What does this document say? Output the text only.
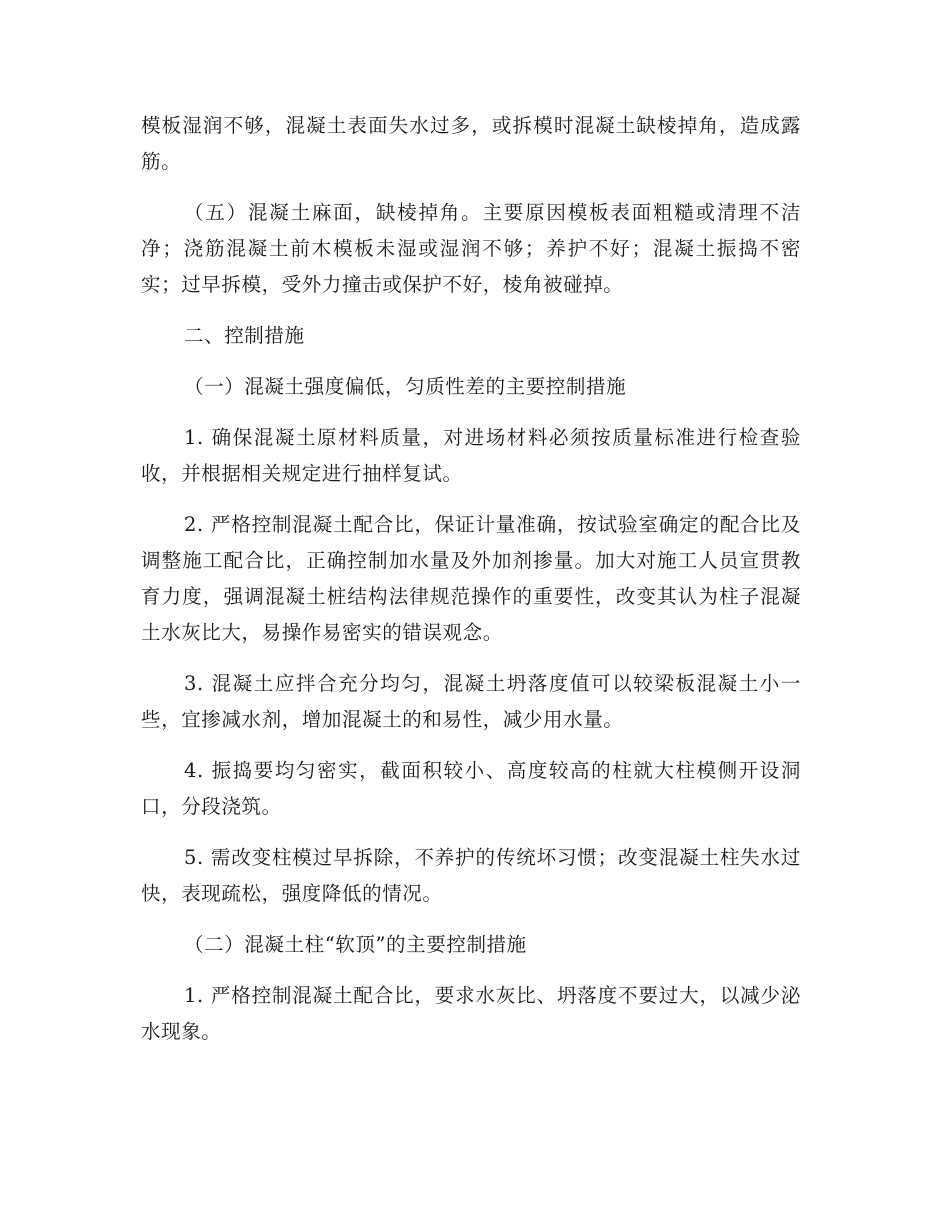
模板湿润不够，混凝土表面失水过多，或拆模时混凝土缺棱掉角，造成露筋。

（五）混凝土麻面，缺棱掉角。主要原因模板表面粗糙或清理不洁净；浇筋混凝土前木模板未湿或湿润不够；养护不好；混凝土振捣不密实；过早拆模，受外力撞击或保护不好，棱角被碰掉。

二、控制措施

（一）混凝土强度偏低，匀质性差的主要控制措施

1. 确保混凝土原材料质量，对进场材料必须按质量标准进行检查验收，并根据相关规定进行抽样复试。

2. 严格控制混凝土配合比，保证计量准确，按试验室确定的配合比及调整施工配合比，正确控制加水量及外加剂掺量。加大对施工人员宣贯教育力度，强调混凝土桩结构法律规范操作的重要性，改变其认为柱子混凝土水灰比大，易操作易密实的错误观念。

3. 混凝土应拌合充分均匀，混凝土坍落度值可以较梁板混凝土小一些，宜掺减水剂，增加混凝土的和易性，减少用水量。

4. 振捣要均匀密实，截面积较小、高度较高的柱就大柱模侧开设洞口，分段浇筑。

5. 需改变柱模过早拆除，不养护的传统坏习惯；改变混凝土柱失水过快，表现疏松，强度降低的情况。

（二）混凝土柱“软顶”的主要控制措施

1. 严格控制混凝土配合比，要求水灰比、坍落度不要过大，以减少泌水现象。
